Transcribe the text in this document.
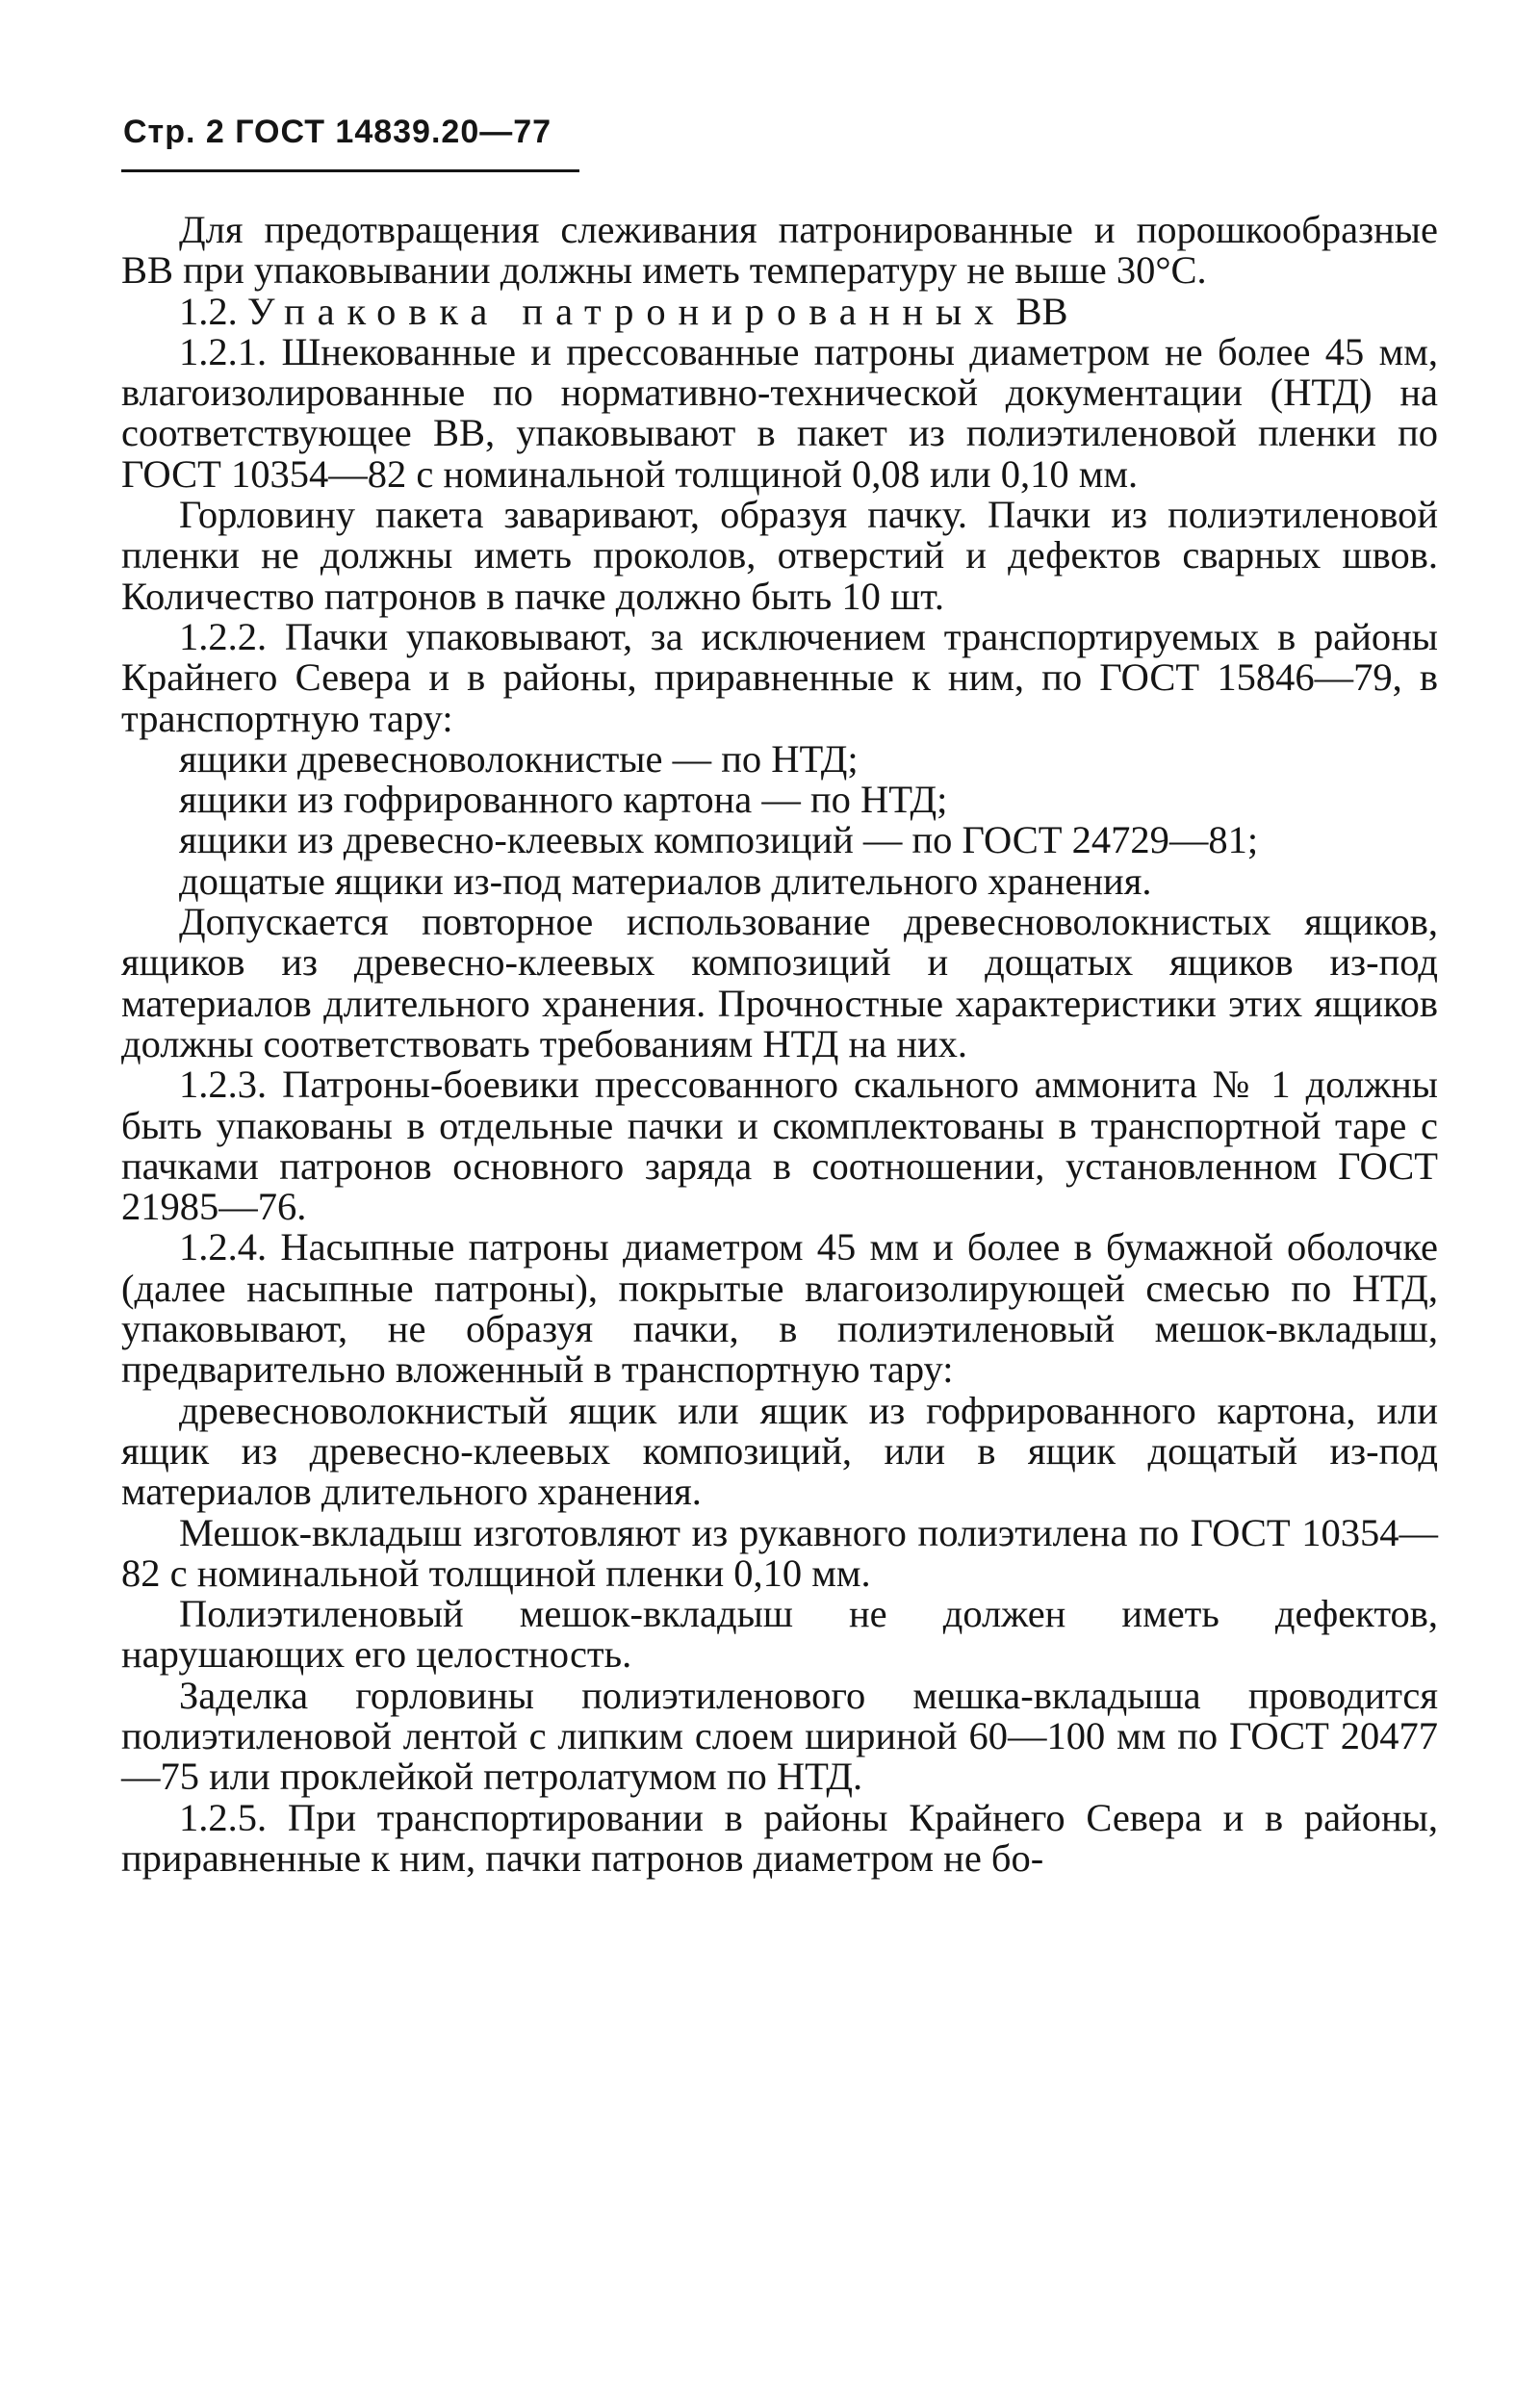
Стр. 2 ГОСТ 14839.20—77

Для предотвращения слеживания патронированные и порошкообразные ВВ при упаковывании должны иметь температуру не выше 30°C.

1.2. Упаковка патронированных ВВ

1.2.1. Шнекованные и прессованные патроны диаметром не более 45 мм, влагоизолированные по нормативно-технической документации (НТД) на соответствующее ВВ, упаковывают в пакет из полиэтиленовой пленки по ГОСТ 10354—82 с номинальной толщиной 0,08 или 0,10 мм.

Горловину пакета заваривают, образуя пачку. Пачки из полиэтиленовой пленки не должны иметь проколов, отверстий и дефектов сварных швов. Количество патронов в пачке должно быть 10 шт.

1.2.2. Пачки упаковывают, за исключением транспортируемых в районы Крайнего Севера и в районы, приравненные к ним, по ГОСТ 15846—79, в транспортную тару:

ящики древесноволокнистые — по НТД;

ящики из гофрированного картона — по НТД;

ящики из древесно-клеевых композиций — по ГОСТ 24729—81;

дощатые ящики из-под материалов длительного хранения.

Допускается повторное использование древесноволокнистых ящиков, ящиков из древесно-клеевых композиций и дощатых ящиков из-под материалов длительного хранения. Прочностные характеристики этих ящиков должны соответствовать требованиям НТД на них.

1.2.3. Патроны-боевики прессованного скального аммонита № 1 должны быть упакованы в отдельные пачки и скомплектованы в транспортной таре с пачками патронов основного заряда в соотношении, установленном ГОСТ 21985—76.

1.2.4. Насыпные патроны диаметром 45 мм и более в бумажной оболочке (далее насыпные патроны), покрытые влагоизолирующей смесью по НТД, упаковывают, не образуя пачки, в полиэтиленовый мешок-вкладыш, предварительно вложенный в транспортную тару:

древесноволокнистый ящик или ящик из гофрированного картона, или ящик из древесно-клеевых композиций, или в ящик дощатый из-под материалов длительного хранения.

Мешок-вкладыш изготовляют из рукавного полиэтилена по ГОСТ 10354—82 с номинальной толщиной пленки 0,10 мм.

Полиэтиленовый мешок-вкладыш не должен иметь дефектов, нарушающих его целостность.

Заделка горловины полиэтиленового мешка-вкладыша проводится полиэтиленовой лентой с липким слоем шириной 60—100 мм по ГОСТ 20477—75 или проклейкой петролатумом по НТД.

1.2.5. При транспортировании в районы Крайнего Севера и в районы, приравненные к ним, пачки патронов диаметром не бо-
